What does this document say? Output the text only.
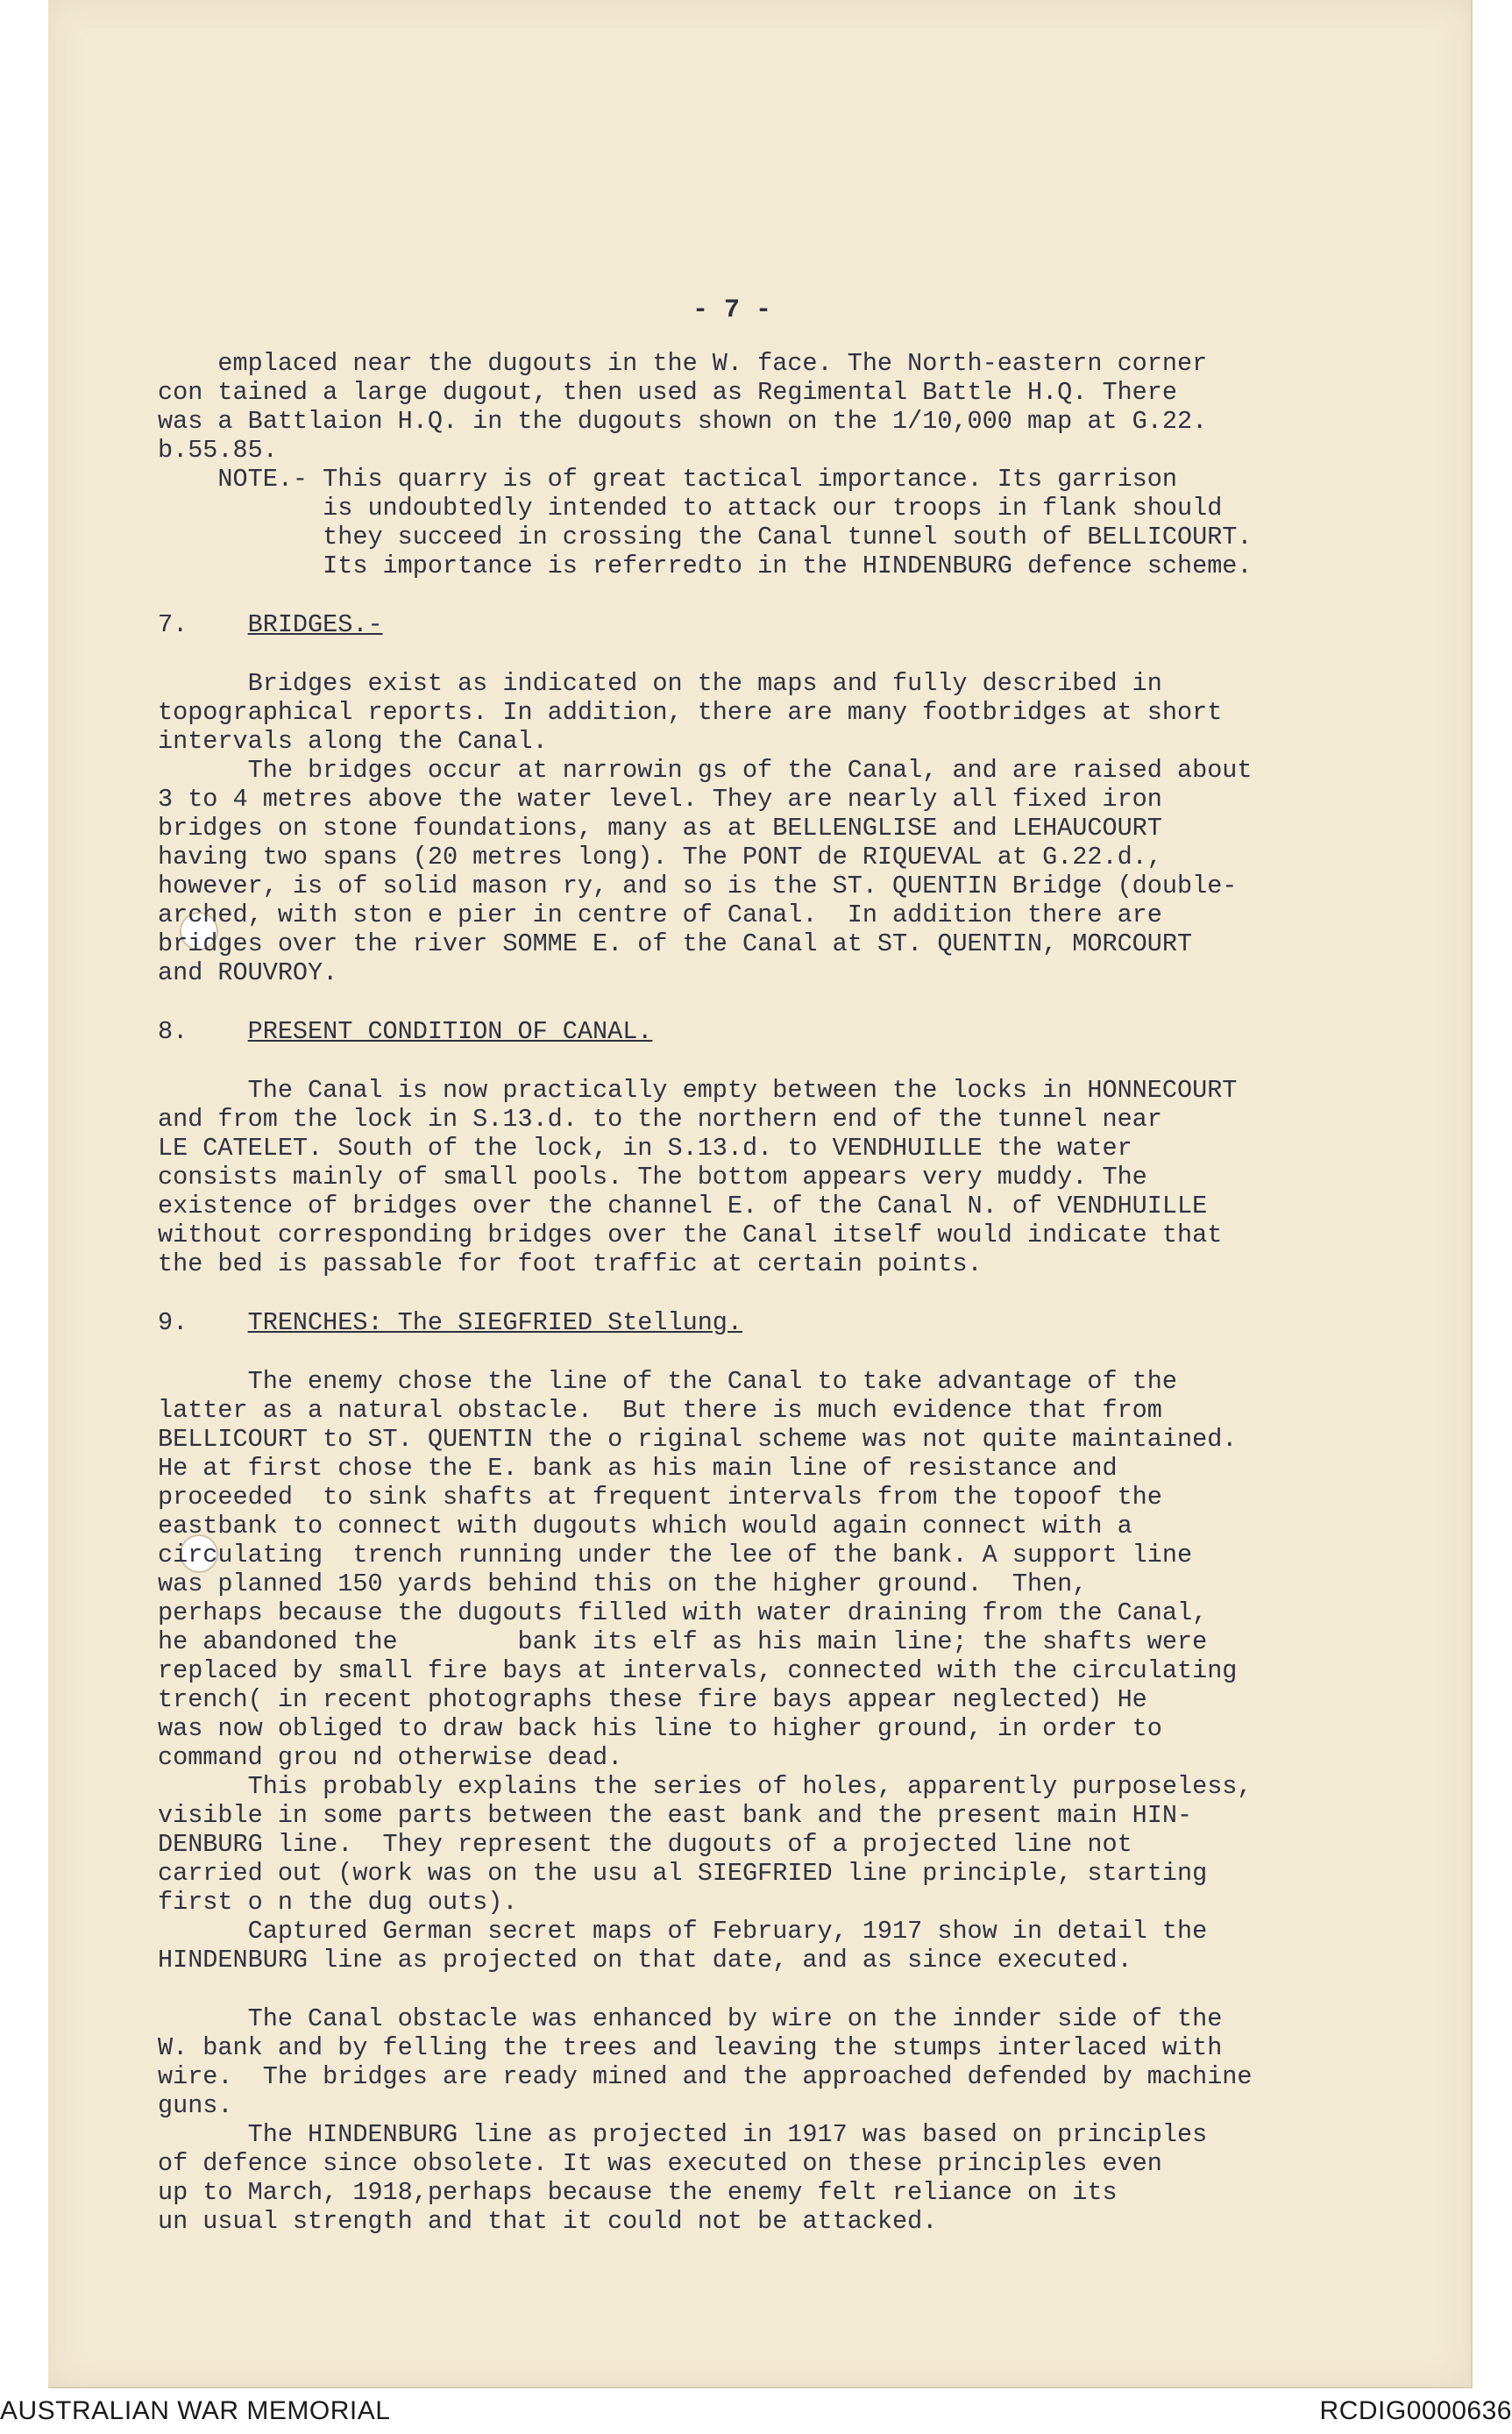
- 7 -
emplaced near the dugouts in the W. face. The North-eastern corner
con tained a large dugout, then used as Regimental Battle H.Q. There
was a Battlaion H.Q. in the dugouts shown on the 1/10,000 map at G.22.
b.55.85.
NOTE.- This quarry is of great tactical importance. Its garrison
is undoubtedly intended to attack our troops in flank should
they succeed in crossing the Canal tunnel south of BELLICOURT.
Its importance is referredto in the HINDENBURG defence scheme.
7.    BRIDGES.-
Bridges exist as indicated on the maps and fully described in
topographical reports. In addition, there are many footbridges at short
intervals along the Canal.
The bridges occur at narrowin gs of the Canal, and are raised about
3 to 4 metres above the water level. They are nearly all fixed iron
bridges on stone foundations, many as at BELLENGLISE and LEHAUCOURT
having two spans (20 metres long). The PONT de RIQUEVAL at G.22.d.,
however, is of solid mason ry, and so is the ST. QUENTIN Bridge (double-
arched, with ston e pier in centre of Canal.  In addition there are
bridges over the river SOMME E. of the Canal at ST. QUENTIN, MORCOURT
and ROUVROY.
8.    PRESENT CONDITION OF CANAL.
The Canal is now practically empty between the locks in HONNECOURT
and from the lock in S.13.d. to the northern end of the tunnel near
LE CATELET. South of the lock, in S.13.d. to VENDHUILLE the water
consists mainly of small pools. The bottom appears very muddy. The
existence of bridges over the channel E. of the Canal N. of VENDHUILLE
without corresponding bridges over the Canal itself would indicate that
the bed is passable for foot traffic at certain points.
9.    TRENCHES: The SIEGFRIED Stellung.
The enemy chose the line of the Canal to take advantage of the
latter as a natural obstacle.  But there is much evidence that from
BELLICOURT to ST. QUENTIN the o riginal scheme was not quite maintained.
He at first chose the E. bank as his main line of resistance and
proceeded  to sink shafts at frequent intervals from the topoof the
eastbank to connect with dugouts which would again connect with a
circulating  trench running under the lee of the bank. A support line
was planned 150 yards behind this on the higher ground.  Then,
perhaps because the dugouts filled with water draining from the Canal,
he abandoned the        bank its elf as his main line; the shafts were
replaced by small fire bays at intervals, connected with the circulating
trench( in recent photographs these fire bays appear neglected) He
was now obliged to draw back his line to higher ground, in order to
command grou nd otherwise dead.
This probably explains the series of holes, apparently purposeless,
visible in some parts between the east bank and the present main HIN-
DENBURG line.  They represent the dugouts of a projected line not
carried out (work was on the usu al SIEGFRIED line principle, starting
first o n the dug outs).
Captured German secret maps of February, 1917 show in detail the
HINDENBURG line as projected on that date, and as since executed.
The Canal obstacle was enhanced by wire on the innder side of the
W. bank and by felling the trees and leaving the stumps interlaced with
wire.  The bridges are ready mined and the approached defended by machine
guns.
The HINDENBURG line as projected in 1917 was based on principles
of defence since obsolete. It was executed on these principles even
up to March, 1918,perhaps because the enemy felt reliance on its
un usual strength and that it could not be attacked.
AUSTRALIAN WAR MEMORIAL	RCDIG0000636
